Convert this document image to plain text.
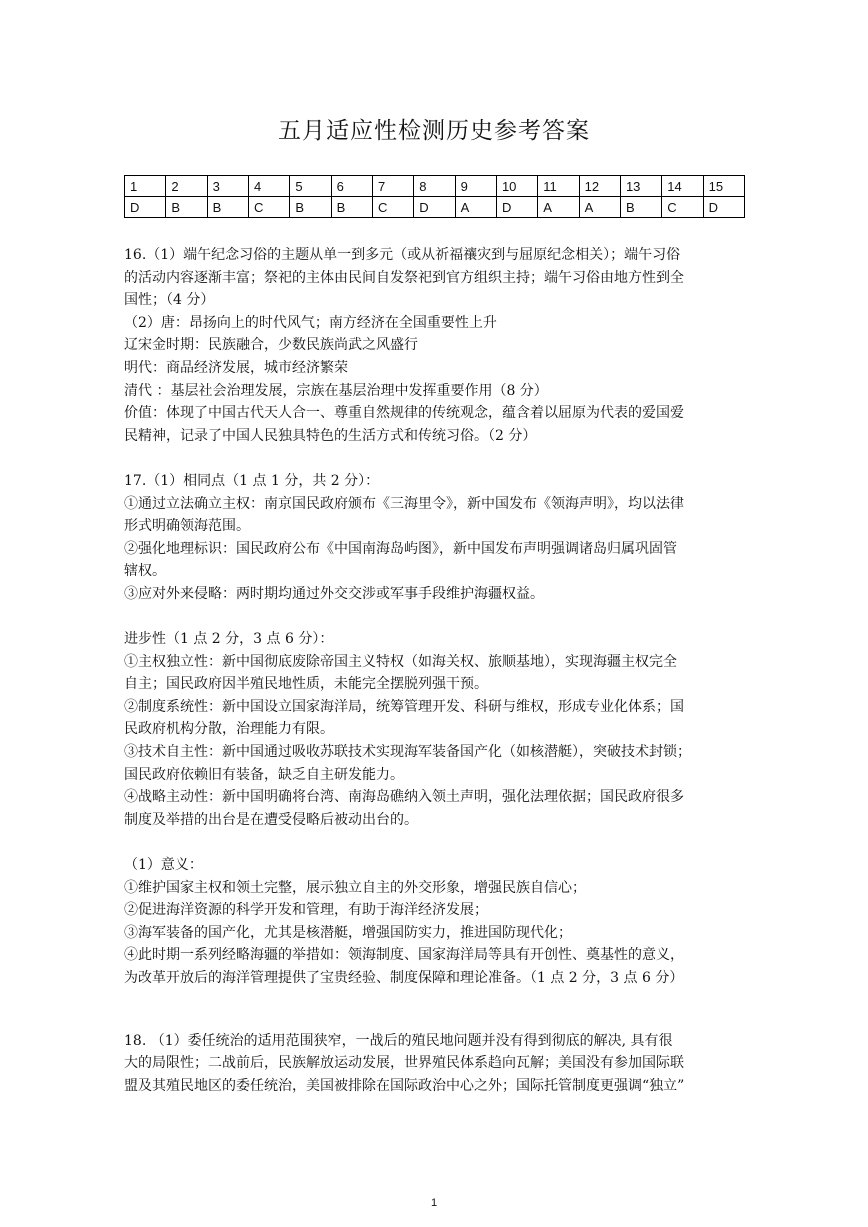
五月适应性检测历史参考答案
1	2	3	4	5	6	7	8	9	10	11	12	13	14	15
D	B	B	C	B	B	C	D	A	D	A	A	B	C	D

16.（1）端午纪念习俗的主题从单一到多元（或从祈福禳灾到与屈原纪念相关）；端午习俗

的活动内容逐渐丰富；祭祀的主体由民间自发祭祀到官方组织主持；端午习俗由地方性到全

国性；（4 分）

（2）唐：昂扬向上的时代风气；南方经济在全国重要性上升

辽宋金时期：民族融合，少数民族尚武之风盛行

明代：商品经济发展，城市经济繁荣

清代 ：基层社会治理发展，宗族在基层治理中发挥重要作用（8 分）

价值：体现了中国古代天人合一、尊重自然规律的传统观念，蕴含着以屈原为代表的爱国爱

民精神，记录了中国人民独具特色的生活方式和传统习俗。（2 分）

17.（1）相同点（1 点 1 分，共 2 分）：

①通过立法确立主权：南京国民政府颁布《三海里令》，新中国发布《领海声明》，均以法律

形式明确领海范围。

②强化地理标识：国民政府公布《中国南海岛屿图》，新中国发布声明强调诸岛归属巩固管

辖权。

③应对外来侵略：两时期均通过外交交涉或军事手段维护海疆权益。

进步性（1 点 2 分，3 点 6 分）：

①主权独立性：新中国彻底废除帝国主义特权（如海关权、旅顺基地），实现海疆主权完全

自主；国民政府因半殖民地性质，未能完全摆脱列强干预。

②制度系统性：新中国设立国家海洋局，统筹管理开发、科研与维权，形成专业化体系；国

民政府机构分散，治理能力有限。

③技术自主性：新中国通过吸收苏联技术实现海军装备国产化（如核潜艇），突破技术封锁；

国民政府依赖旧有装备，缺乏自主研发能力。

④战略主动性：新中国明确将台湾、南海岛礁纳入领土声明，强化法理依据；国民政府很多

制度及举措的出台是在遭受侵略后被动出台的。

（1）意义：

①维护国家主权和领土完整，展示独立自主的外交形象，增强民族自信心；

②促进海洋资源的科学开发和管理，有助于海洋经济发展；

③海军装备的国产化，尤其是核潜艇，增强国防实力，推进国防现代化；

④此时期一系列经略海疆的举措如：领海制度、国家海洋局等具有开创性、奠基性的意义，

为改革开放后的海洋管理提供了宝贵经验、制度保障和理论准备。（1 点 2 分，3 点 6 分）

18. （1）委任统治的适用范围狭窄，一战后的殖民地问题并没有得到彻底的解决, 具有很

大的局限性；二战前后，民族解放运动发展，世界殖民体系趋向瓦解；美国没有参加国际联

盟及其殖民地区的委任统治，美国被排除在国际政治中心之外；国际托管制度更强调“独立”

1
